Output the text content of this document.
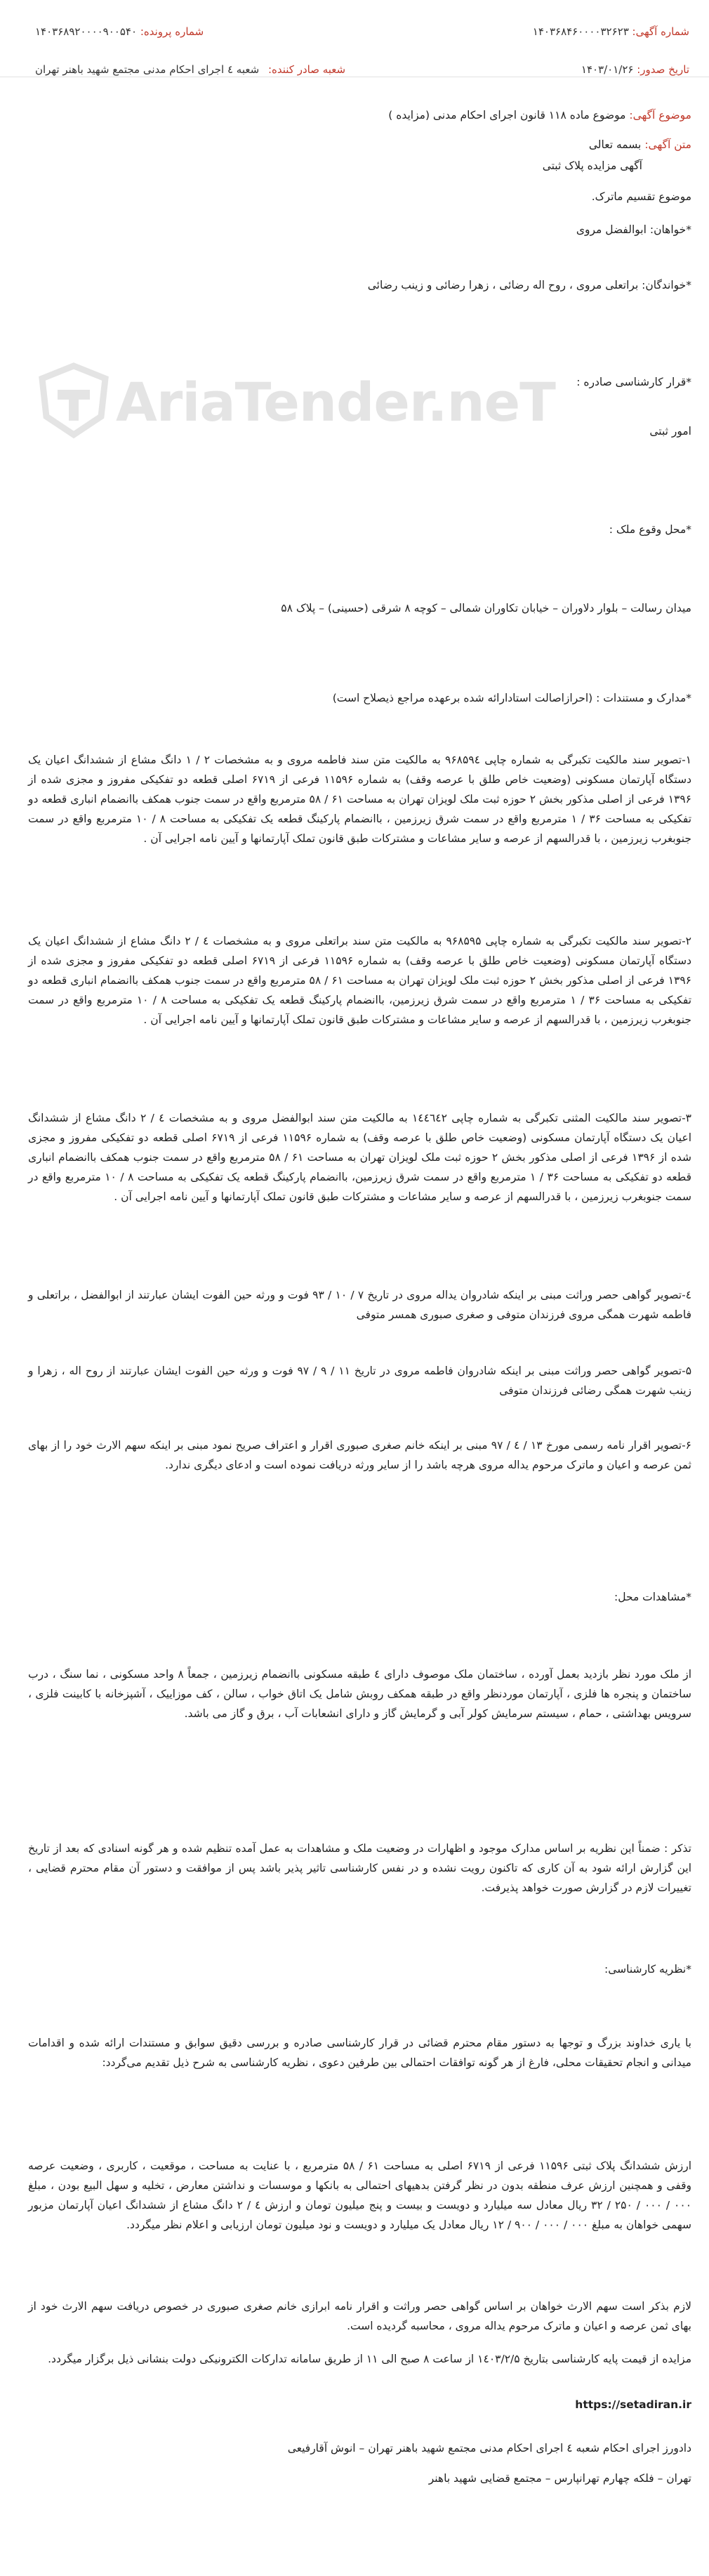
شماره آگهی: ۱۴۰۳۶۸۴۶۰۰۰۰۳۲۶۲۳
شماره پرونده: ۱۴۰۳۶۸۹۲۰۰۰۰۹۰۰۵۴۰
تاریخ صدور: ۱۴۰۳/۰۱/۲۶
شعبه صادر کننده: شعبه ٤ اجرای احکام مدنی مجتمع شهید باهنر تهران
AriaTender.neT
موضوع آگهی: موضوع ماده ۱۱۸ قانون اجرای احکام مدنی (مزایده )
متن آگهی: بسمه تعالی
آگهی مزایده پلاک ثبتی
موضوع تقسیم ماترک.
*خواهان: ابوالفضل مروی
*خواندگان: براتعلی مروی ، روح اله رضائی ، زهرا رضائی و زینب رضائی
*قرار کارشناسی صادره :
امور ثبتی
*محل وقوع ملک :
میدان رسالت – بلوار دلاوران – خیابان تکاوران شمالی – کوچه ۸ شرقی (حسینی) – پلاک ۵۸
*مدارک و مستندات : (احرازاصالت استادارائه شده برعهده مراجع ذیصلاح است)
۱-تصویر سند مالکیت تکبرگی به شماره چاپی ۹۶۸۵۹٤ به مالکیت متن سند فاطمه مروی و به مشخصات ۲ / ۱ دانگ مشاع از ششدانگ اعیان یک دستگاه آپارتمان مسکونی (وضعیت خاص طلق با عرصه وقف) به شماره ۱۱۵۹۶ فرعی از ۶۷۱۹ اصلی قطعه دو تفکیکی مفروز و مجزی شده از ۱۳۹۶ فرعی از اصلی مذکور بخش ۲ حوزه ثبت ملک لویزان تهران به مساحت ۶۱ / ۵۸ مترمربع واقع در سمت جنوب همکف باانضمام انباری قطعه دو تفکیکی به مساحت ۳۶ / ۱ مترمربع واقع در سمت شرق زیرزمین ، باانضمام پارکینگ قطعه یک تفکیکی به مساحت ۸ / ۱۰ مترمربع واقع در سمت جنوبغرب زیرزمین ، با قدرالسهم از عرصه و سایر مشاعات و مشترکات طبق قانون تملک آپارتمانها و آیین نامه اجرایی آن .
۲-تصویر سند مالکیت تکبرگی به شماره چاپی ۹۶۸۵۹۵ به مالکیت متن سند براتعلی مروی و به مشخصات ٤ / ۲ دانگ مشاع از ششدانگ اعیان یک دستگاه آپارتمان مسکونی (وضعیت خاص طلق با عرصه وقف) به شماره ۱۱۵۹۶ فرعی از ۶۷۱۹ اصلی قطعه دو تفکیکی مفروز و مجزی شده از ۱۳۹۶ فرعی از اصلی مذکور بخش ۲ حوزه ثبت ملک لویزان تهران به مساحت ۶۱ / ۵۸ مترمربع واقع در سمت جنوب همکف باانضمام انباری قطعه دو تفکیکی به مساحت ۳۶ / ۱ مترمربع واقع در سمت شرق زیرزمین، باانضمام پارکینگ قطعه یک تفکیکی به مساحت ۸ / ۱۰ مترمربع واقع در سمت جنوبغرب زیرزمین ، با قدرالسهم از عرصه و سایر مشاعات و مشترکات طبق قانون تملک آپارتمانها و آیین نامه اجرایی آن .
۳-تصویر سند مالکیت المثنی تکبرگی به شماره چاپی ۱٤٤٦٤۲ به مالکیت متن سند ابوالفضل مروی و به مشخصات ٤ / ۲ دانگ مشاع از ششدانگ اعیان یک دستگاه آپارتمان مسکونی (وضعیت خاص طلق با عرصه وقف) به شماره ۱۱۵۹۶ فرعی از ۶۷۱۹ اصلی قطعه دو تفکیکی مفروز و مجزی شده از ۱۳۹۶ فرعی از اصلی مذکور بخش ۲ حوزه ثبت ملک لویزان تهران به مساحت ۶۱ / ۵۸ مترمربع واقع در سمت جنوب همکف باانضمام انباری قطعه دو تفکیکی به مساحت ۳۶ / ۱ مترمربع واقع در سمت شرق زیرزمین، باانضمام پارکینگ قطعه یک تفکیکی به مساحت ۸ / ۱۰ مترمربع واقع در سمت جنوبغرب زیرزمین ، با قدرالسهم از عرصه و سایر مشاعات و مشترکات طبق قانون تملک آپارتمانها و آیین نامه اجرایی آن .
٤-تصویر گواهی حصر وراثت مبنی بر اینکه شادروان یداله مروی در تاریخ ۷ / ۱۰ / ۹۳ فوت و ورثه حین الفوت ایشان عبارتند از ابوالفضل ، براتعلی و فاطمه شهرت همگی مروی فرزندان متوفی و صغری صبوری همسر متوفی
۵-تصویر گواهی حصر وراثت مبنی بر اینکه شادروان فاطمه مروی در تاریخ ۱۱ / ۹ / ۹۷ فوت و ورثه حین الفوت ایشان عبارتند از روح اله ، زهرا و زینب شهرت همگی رضائی فرزندان متوفی
۶-تصویر اقرار نامه رسمی مورخ ۱۳ / ٤ / ۹۷ مبنی بر اینکه خانم صغری صبوری اقرار و اعتراف صریح نمود مبنی بر اینکه سهم الارث خود را از بهای ثمن عرصه و اعیان و ماترک مرحوم یداله مروی هرچه باشد را از سایر ورثه دریافت نموده است و ادعای دیگری ندارد.
*مشاهدات محل:
از ملک مورد نظر بازدید بعمل آورده ، ساختمان ملک موصوف دارای ٤ طبقه مسکونی باانضمام زیرزمین ، جمعاً ۸ واحد مسکونی ، نما سنگ ، درب ساختمان و پنجره ها فلزی ، آپارتمان موردنظر واقع در طبقه همکف روبش شامل یک اتاق خواب ، سالن ، کف موزاییک ، آشپزخانه با کابینت فلزی ، سرویس بهداشتی ، حمام ، سیستم سرمایش کولر آبی و گرمایش گاز و دارای انشعابات آب ، برق و گاز می باشد.
تذکر : ضمناً این نظریه بر اساس مدارک موجود و اظهارات در وضعیت ملک و مشاهدات به عمل آمده تنظیم شده و هر گونه اسنادی که بعد از تاریخ این گزارش ارائه شود به آن کاری که تاکنون رویت نشده و در نفس کارشناسی تاثیر پذیر باشد پس از موافقت و دستور آن مقام محترم قضایی ، تغییرات لازم در گزارش صورت خواهد پذیرفت.
*نظریه کارشناسی:
با یاری خداوند بزرگ و توجها به دستور مقام محترم قضائی در قرار کارشناسی صادره و بررسی دقیق سوابق و مستندات ارائه شده و اقدامات میدانی و انجام تحقیقات محلی، فارغ از هر گونه توافقات احتمالی بین طرفین دعوی ، نظریه کارشناسی به شرح ذیل تقدیم می‌گردد:
ارزش ششدانگ پلاک ثبتی ۱۱۵۹۶ فرعی از ۶۷۱۹ اصلی به مساحت ۶۱ / ۵۸ مترمربع ، با عنایت به مساحت ، موقعیت ، کاربری ، وضعیت عرصه وقفی و همچنین ارزش عرف منطقه بدون در نظر گرفتن بدهیهای احتمالی به بانکها و موسسات و نداشتن معارض ، تخلیه و سهل البیع بودن ، مبلغ ۰۰۰ / ۰۰۰ / ۲۵۰ / ۳۲ ریال معادل سه میلیارد و دویست و بیست و پنج میلیون تومان و ارزش ٤ / ۲ دانگ مشاع از ششدانگ اعیان آپارتمان مزبور سهمی خواهان به مبلغ ۰۰۰ / ۰۰۰ / ۹۰۰ / ۱۲ ریال معادل یک میلیارد و دویست و نود میلیون تومان ارزیابی و اعلام نظر میگردد.
لازم بذکر است سهم الارث خواهان بر اساس گواهی حصر وراثت و اقرار نامه ابرازی خانم صغری صبوری در خصوص دریافت سهم الارث خود از بهای ثمن عرصه و اعیان و ماترک مرحوم یداله مروی ، محاسبه گردیده است.
مزایده از قیمت پایه کارشناسی بتاریخ ۱٤۰۳/۲/۵ از ساعت ۸ صبح الی ۱۱ از طریق سامانه تدارکات الکترونیکی دولت بنشانی ذیل برگزار میگردد.
https://setadiran.ir
دادورز اجرای احکام شعبه ٤ اجرای احکام مدنی مجتمع شهید باهنر تهران – انوش آقارفیعی
تهران – فلکه چهارم تهرانپارس – مجتمع قضایی شهید باهنر
